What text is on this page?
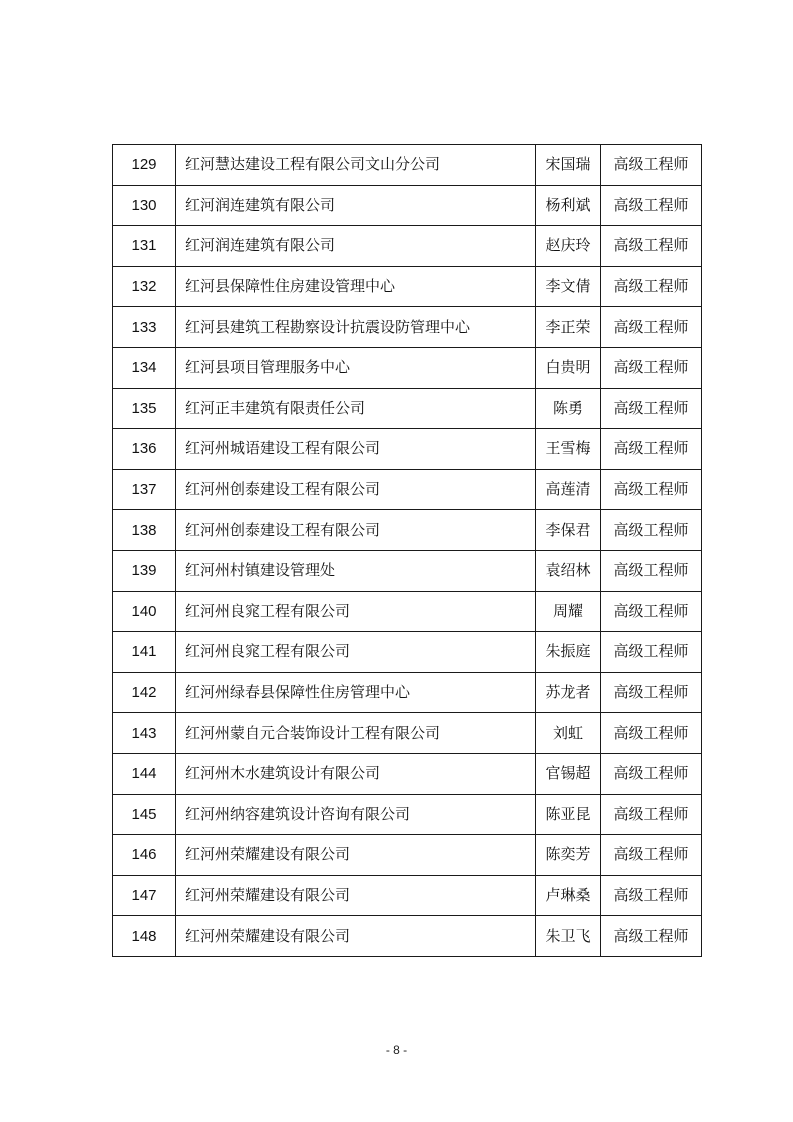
129	红河慧达建设工程有限公司文山分公司	宋国瑞	高级工程师
130	红河润连建筑有限公司	杨利斌	高级工程师
131	红河润连建筑有限公司	赵庆玲	高级工程师
132	红河县保障性住房建设管理中心	李文倩	高级工程师
133	红河县建筑工程勘察设计抗震设防管理中心	李正荣	高级工程师
134	红河县项目管理服务中心	白贵明	高级工程师
135	红河正丰建筑有限责任公司	陈勇	高级工程师
136	红河州城语建设工程有限公司	王雪梅	高级工程师
137	红河州创泰建设工程有限公司	高莲清	高级工程师
138	红河州创泰建设工程有限公司	李保君	高级工程师
139	红河州村镇建设管理处	袁绍林	高级工程师
140	红河州良窕工程有限公司	周耀	高级工程师
141	红河州良窕工程有限公司	朱振庭	高级工程师
142	红河州绿春县保障性住房管理中心	苏龙者	高级工程师
143	红河州蒙自元合装饰设计工程有限公司	刘虹	高级工程师
144	红河州木水建筑设计有限公司	官锡超	高级工程师
145	红河州纳容建筑设计咨询有限公司	陈亚昆	高级工程师
146	红河州荣耀建设有限公司	陈奕芳	高级工程师
147	红河州荣耀建设有限公司	卢琳桑	高级工程师
148	红河州荣耀建设有限公司	朱卫飞	高级工程师
- 8 -
